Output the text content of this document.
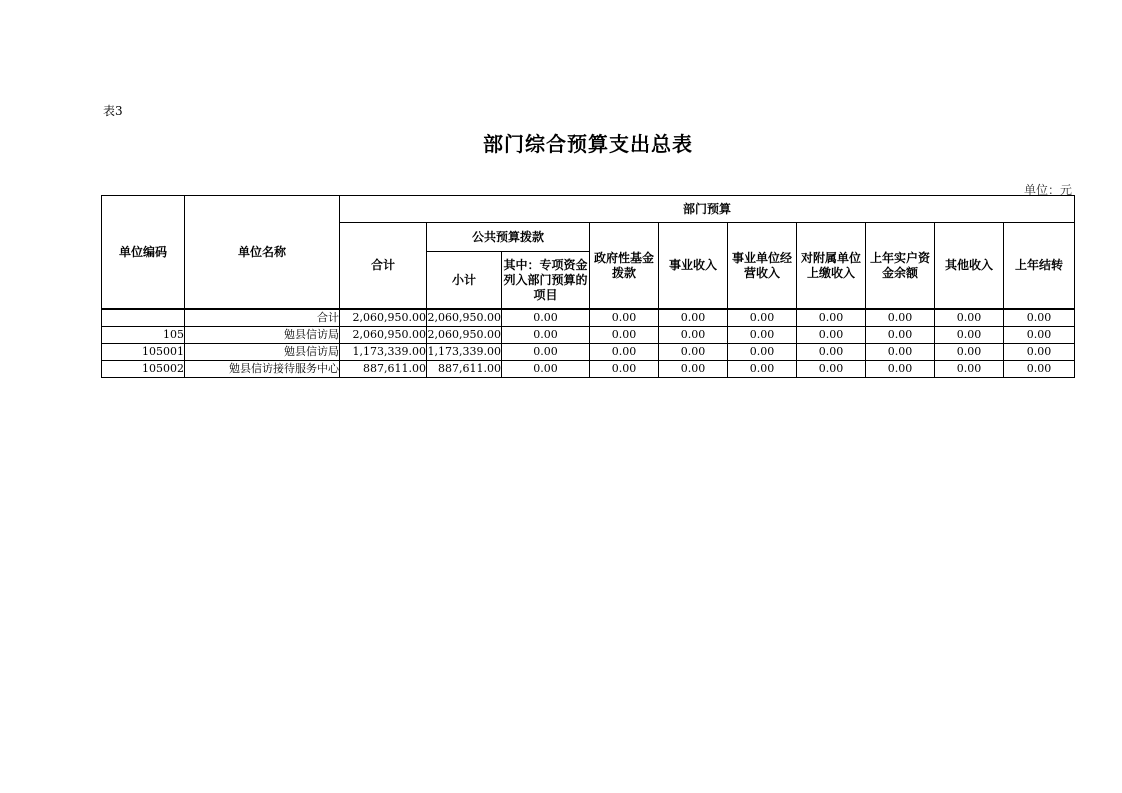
表3
部门综合预算支出总表
单位：元
单位编码	单位名称	部门预算									
		合计	公共预算拨款		政府性基金拨款	事业收入	事业单位经营收入	对附属单位上缴收入	上年实户资金余额	其他收入	上年结转
			小计	其中：专项资金列入部门预算的项目							
	合计	2,060,950.00	2,060,950.00	0.00	0.00	0.00	0.00	0.00	0.00	0.00	0.00
105	勉县信访局	2,060,950.00	2,060,950.00	0.00	0.00	0.00	0.00	0.00	0.00	0.00	0.00
105001	勉县信访局	1,173,339.00	1,173,339.00	0.00	0.00	0.00	0.00	0.00	0.00	0.00	0.00
105002	勉县信访接待服务中心	887,611.00	887,611.00	0.00	0.00	0.00	0.00	0.00	0.00	0.00	0.00
